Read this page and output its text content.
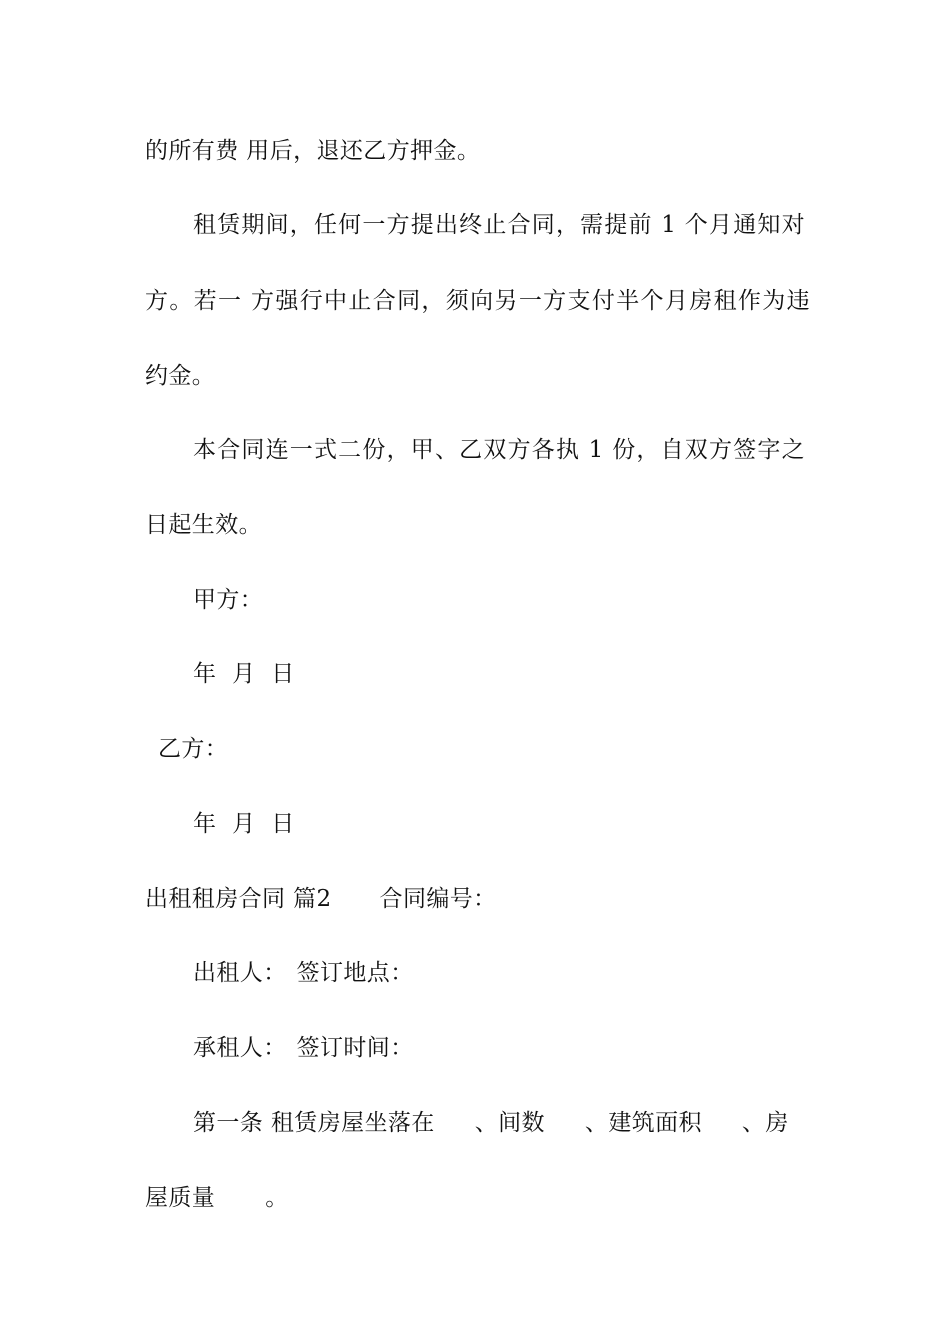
的所有费 用后，退还乙方押金。
租赁期间，任何一方提出终止合同，需提前 1 个月通知对
方。若一 方强行中止合同，须向另一方支付半个月房租作为违
约金。
本合同连一式二份，甲、乙双方各执 1 份，自双方签字之
日起生效。
甲方：
年 月 日
乙方：
年 月 日
出租租房合同 篇2 合同编号：
出租人： 签订地点：
承租人： 签订时间：
第一条 租赁房屋坐落在 、间数 、建筑面积 、房
屋质量 。
